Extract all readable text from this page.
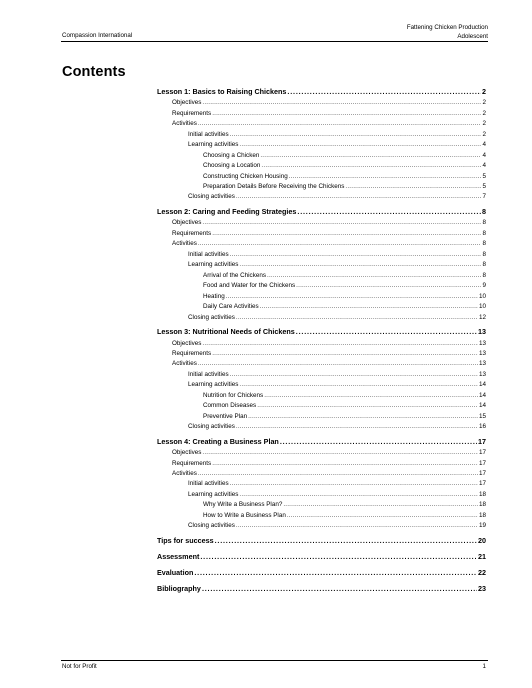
Compassion International
Fattening Chicken Production
Adolescent
Contents
Lesson 1: Basics to Raising Chickens .....	2
Objectives .....	2
Requirements .....	2
Activities .....	2
Initial activities .....	2
Learning activities .....	4
Choosing a Chicken .....	4
Choosing a Location .....	4
Constructing Chicken Housing .....	5
Preparation Details Before Receiving the Chickens .....	5
Closing activities .....	7
Lesson 2: Caring and Feeding Strategies .....	8
Objectives .....	8
Requirements .....	8
Activities .....	8
Initial activities .....	8
Learning activities .....	8
Arrival of the Chickens .....	8
Food and Water for the Chickens .....	9
Heating .....	10
Daily Care Activities .....	10
Closing activities .....	12
Lesson 3: Nutritional Needs of Chickens .....	13
Objectives .....	13
Requirements .....	13
Activities .....	13
Initial activities .....	13
Learning activities .....	14
Nutrition for Chickens .....	14
Common Diseases .....	14
Preventive Plan .....	15
Closing activities .....	16
Lesson 4: Creating a Business Plan .....	17
Objectives .....	17
Requirements .....	17
Activities .....	17
Initial activities .....	17
Learning activities .....	18
Why Write a Business Plan? .....	18
How to Write a Business Plan .....	18
Closing activities .....	19
Tips for success .....	20
Assessment .....	21
Evaluation .....	22
Bibliography .....	23
Not for Profit	1
